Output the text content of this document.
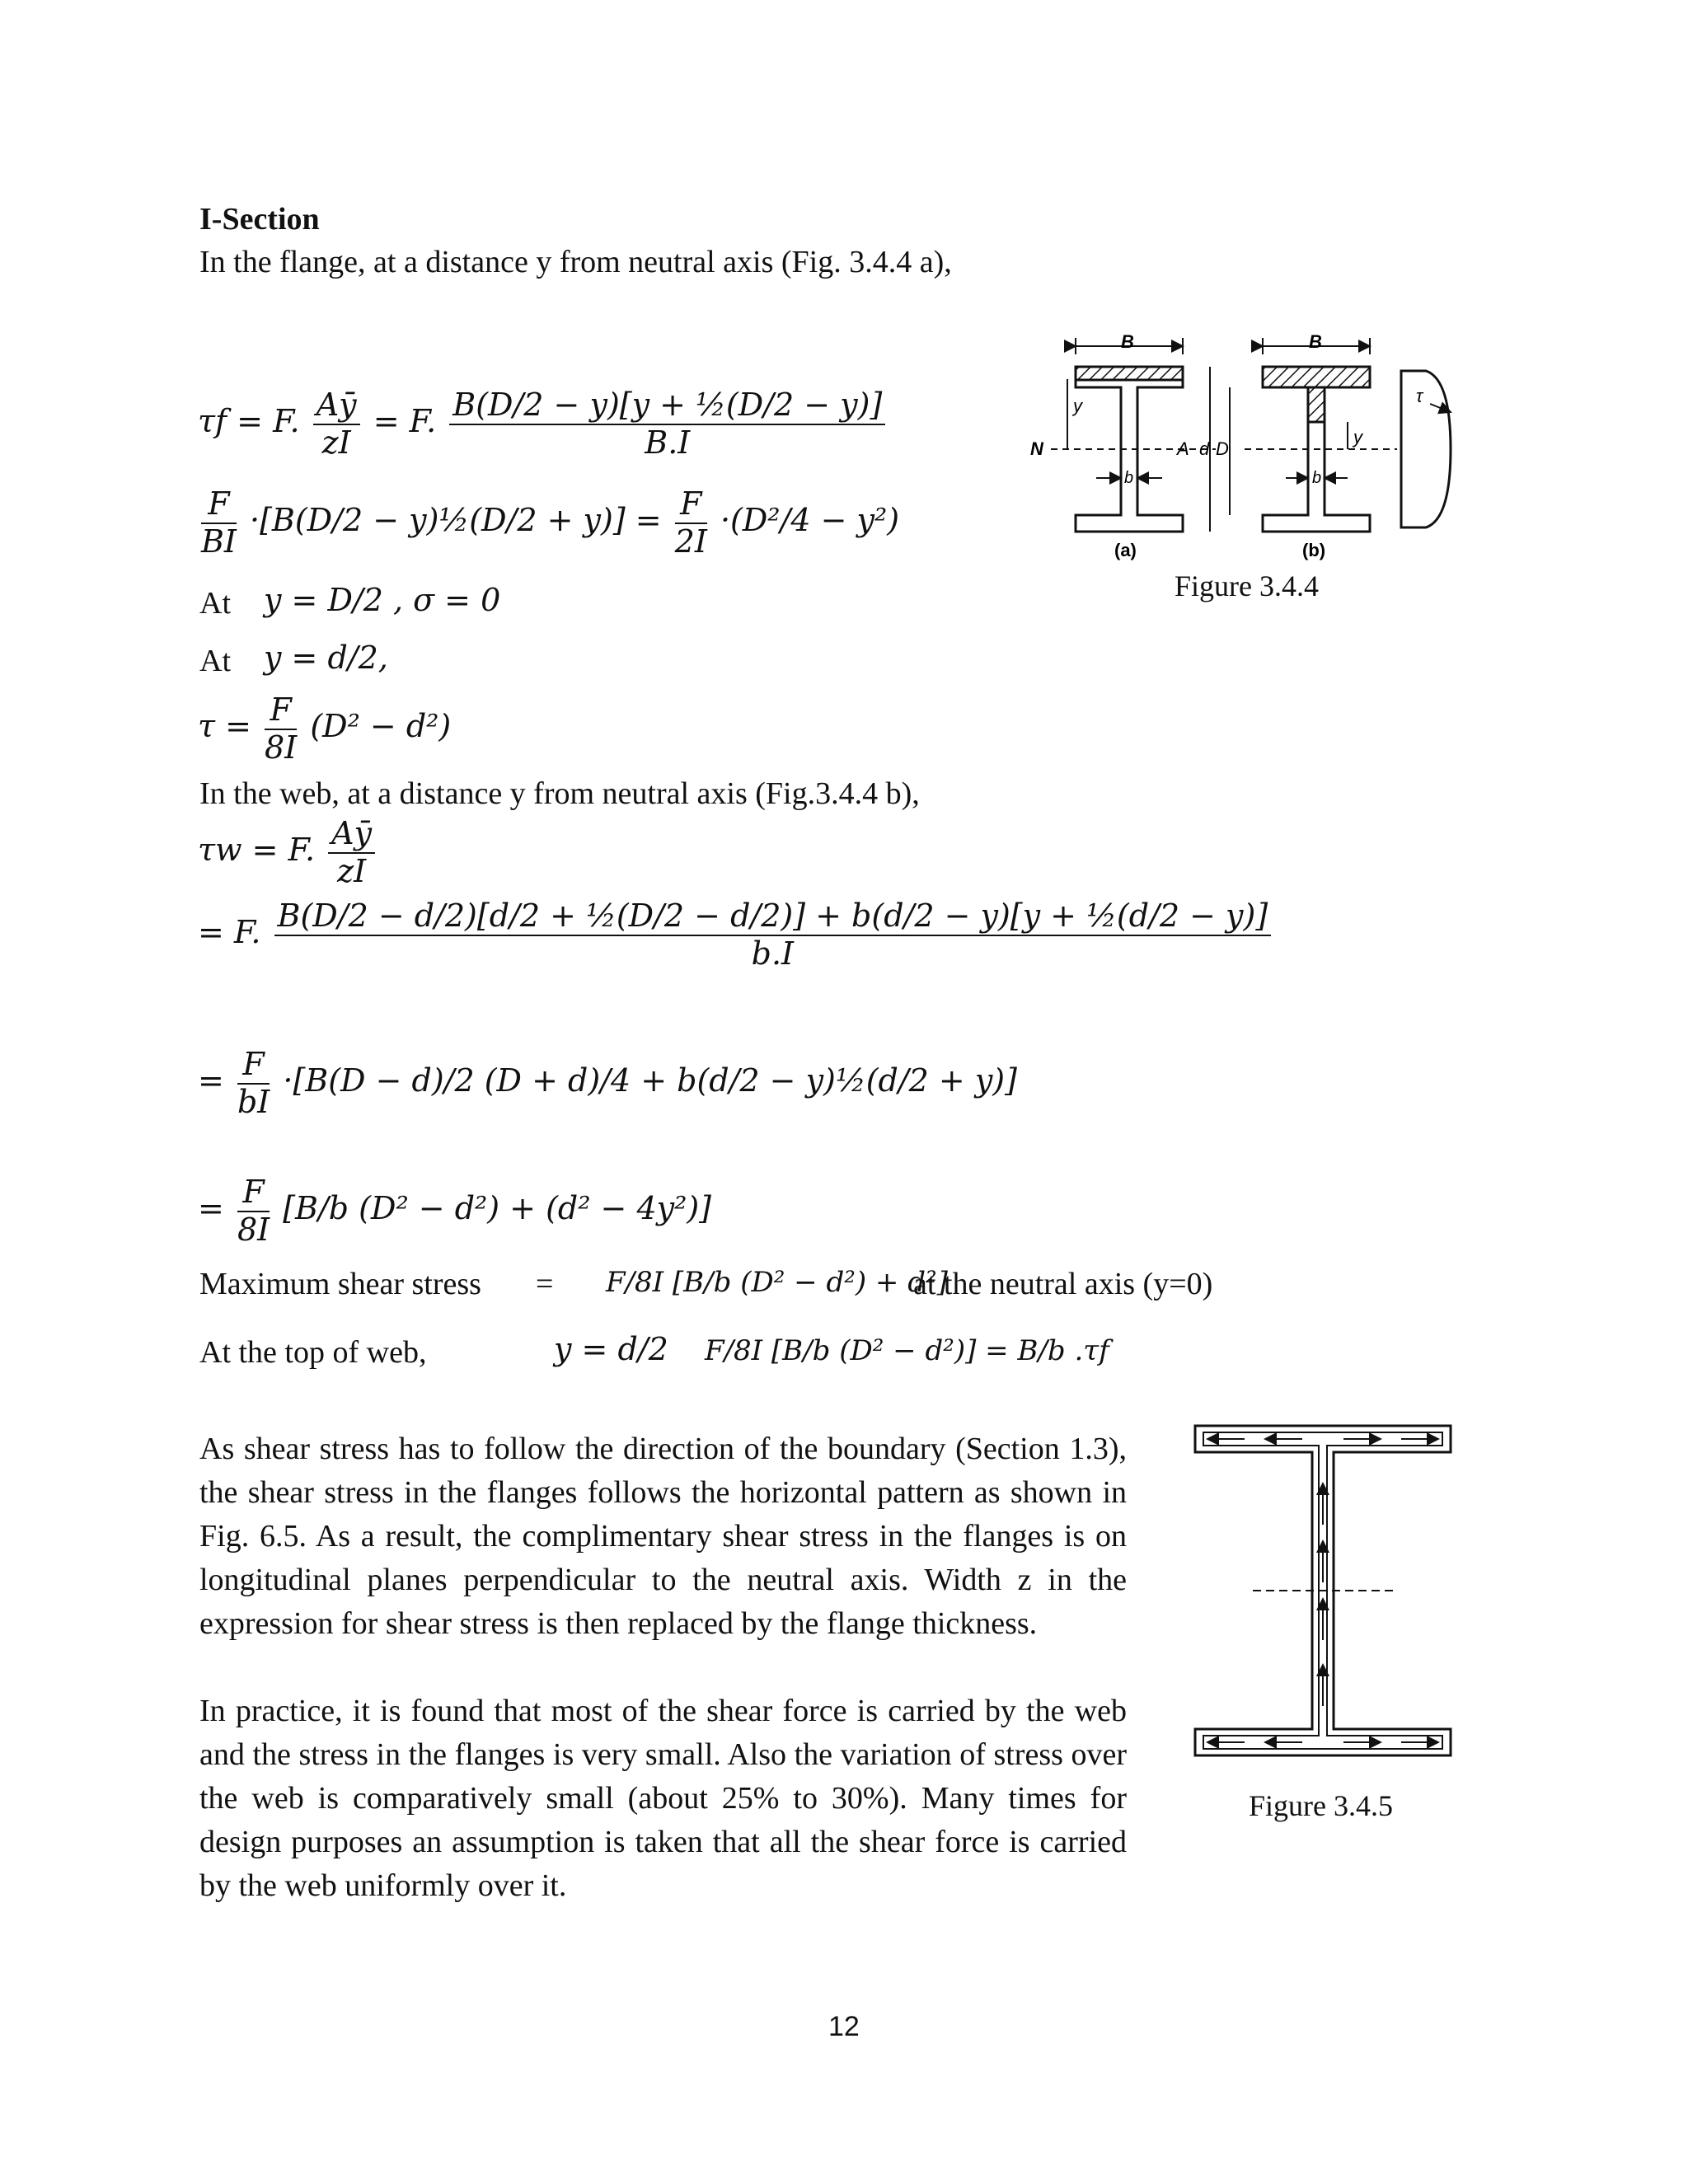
I-Section
In the flange, at a distance y from neutral axis (Fig. 3.4.4 a),
τf = F. $\frac{Aȳ}{zI} = F$. $\frac{\text{B(D/2 − y)[y + ½(D/2 − y)]}}{B.I}$
$\frac{F}{BI} \cdot[B(D/2$ − y)½(D/2 + $y)] = \frac{F}{2I} \cdot(D^2/4 - y^2)$
At y = D/2 , σ = 0
At y = d/2,
$\tau = \frac{F}{8I} (D^2 - d^2)$
In the web, at a distance y from neutral axis (Fig.3.4.4 b),
τw = F. $\frac{Aȳ}{zI}$
= F. B(D/2 − d/2)[d/2 + ½(D/2 − d/2)] + b(d/2 − y)[y + ½(d/2 − y)]
b.I
= $\frac{F}{bI} \cdot[B(D - d)/2$ (D + d)/4 + b(d/2 − y)½(d/2 + y)]
= $\frac{F}{8I} [B/b$ (D² − d²) + (d² − 4y²)]
Maximum shear stress = F/8I [B/b (D² − d²) + d²]
at the neutral axis (y=0)
At the top of web,	y = d/2 F/8I [B/b (D² − d²)] = B/b .τf
As shear stress has to follow the direction of the boundary (Section 1.3), the shear stress in the flanges follows the horizontal pattern as shown in Fig. 6.5. As a result, the complimentary shear stress in the flanges is on longitudinal planes perpendicular to the neutral axis. Width z in the expression for shear stress is then replaced by the flange thickness.
In practice, it is found that most of the shear force is carried by the web and the stress in the flanges is very small. Also the variation of stress over the web is comparatively small (about 25% to 30%). Many times for design purposes an assumption is taken that all the shear force is carried by the web uniformly over it.
B
y
N	A d D
b
(a)
B
y
b
τ
(b)
Figure 3.4.4
Figure 3.4.5
12
